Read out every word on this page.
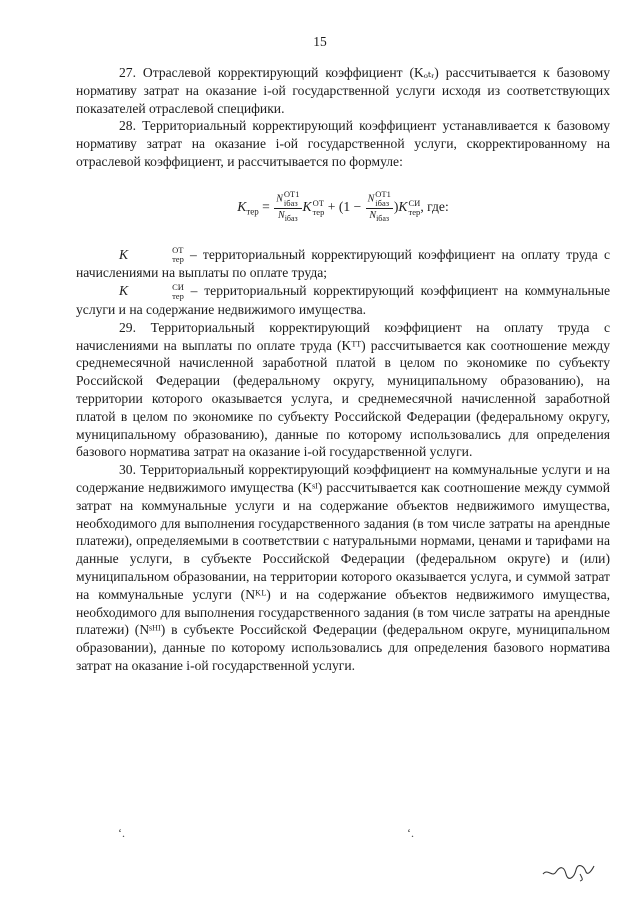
15

27. Отраслевой корректирующий коэффициент (Kₒₜᵣ) рассчитывается к базовому нормативу затрат на оказание i-ой государственной услуги исходя из соответствующих показателей отраслевой специфики.

28. Территориальный корректирующий коэффициент устанавливается к базовому нормативу затрат на оказание i-ой государственной услуги, скорректированному на отраслевой коэффициент, и рассчитывается по формуле:

$K_{тер} = N$ ОТ1
iбаз
$N_{iбаз}$ K ОТ
тер + (1 − N ОТ1
iбаз
$N_{iбаз}$ )K СИ
тер , где:

K	ОТ
тер – территориальный корректирующий коэффициент на оплату труда с начислениями на выплаты по оплате труда;

K	СИ
тер – территориальный корректирующий коэффициент на коммунальные услуги и на содержание недвижимого имущества.

29. Территориальный корректирующий коэффициент на оплату труда с начислениями на выплаты по оплате труда (Kᵀᵀ) рассчитывается как соотношение между среднемесячной начисленной заработной платой в целом по экономике по субъекту Российской Федерации (федеральному округу, муниципальному образованию), на территории которого оказывается услуга, и среднемесячной начисленной заработной платой в целом по экономике по субъекту Российской Федерации (федеральному округу, муниципальному образованию), данные по которому использовались для определения базового норматива затрат на оказание i-ой государственной услуги.

30. Территориальный корректирующий коэффициент на коммунальные услуги и на содержание недвижимого имущества (Kˢᴵ) рассчитывается как соотношение между суммой затрат на коммунальные услуги и на содержание объектов недвижимого имущества, необходимого для выполнения государственного задания (в том числе затраты на арендные платежи), определяемыми в соответствии с натуральными нормами, ценами и тарифами на данные услуги, в субъекте Российской Федерации (федеральном округе) и (или) муниципальном образовании, на территории которого оказывается услуга, и суммой затрат на коммунальные услуги (Nᴷᴸ) и на содержание объектов недвижимого имущества, необходимого для выполнения государственного задания (в том числе затраты на арендные платежи) (Nˢᴴᴵ) в субъекте Российской Федерации (федеральном округе, муниципальном образовании), данные по которому использовались для определения базового норматива затрат на оказание i-ой государственной услуги.

‘.	‘.
